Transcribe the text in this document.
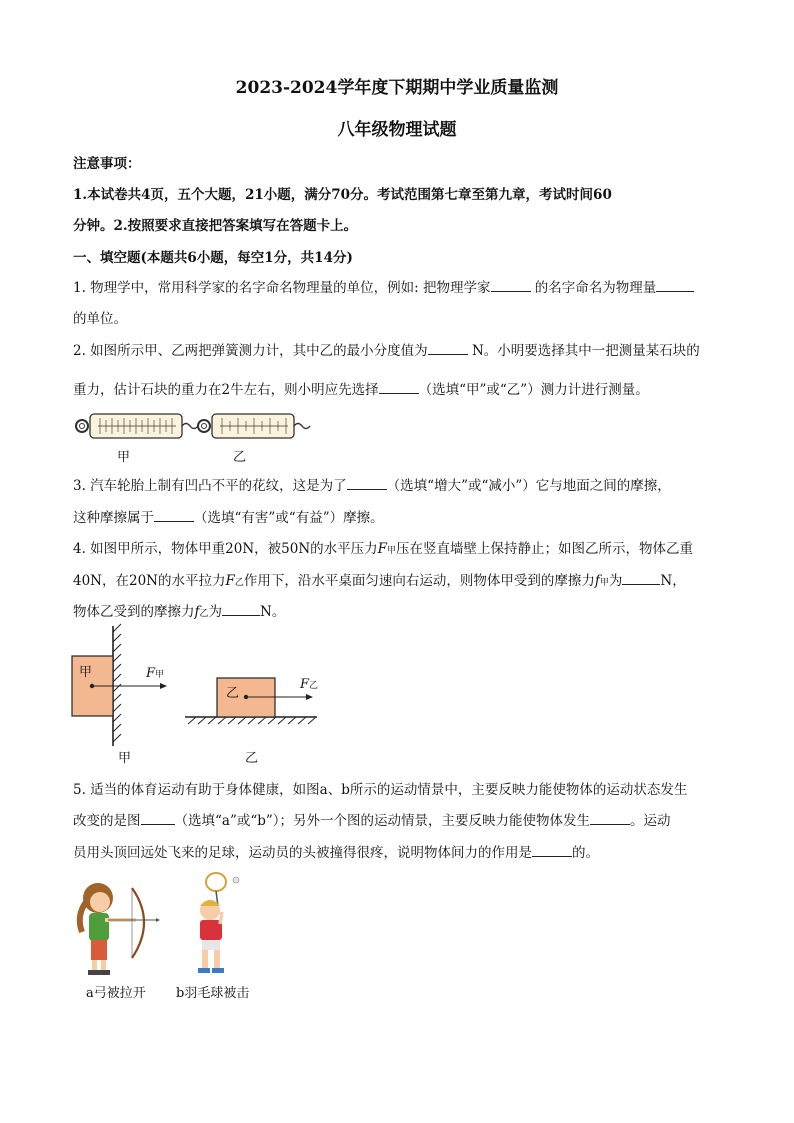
2023-2024学年度下期期中学业质量监测
八年级物理试题
注意事项：
1.本试卷共4页，五个大题，21小题，满分70分。考试范围第七章至第九章，考试时间60
分钟。2.按照要求直接把答案填写在答题卡上。
一、填空题(本题共6小题，每空1分，共14分)
1. 物理学中，常用科学家的名字命名物理量的单位，例如: 把物理学家	的名字命名为物理量
的单位。
2. 如图所示甲、乙两把弹簧测力计，其中乙的最小分度值为	N。小明要选择其中一把测量某石块的
重力，估计石块的重力在2牛左右，则小明应先选择	（选填“甲”或“乙”）测力计进行测量。
甲	乙
3. 汽车轮胎上制有凹凸不平的花纹，这是为了	（选填“增大”或“减小”）它与地面之间的摩擦，
这种摩擦属于	（选填“有害”或“有益”）摩擦。
4. 如图甲所示，物体甲重20N，被50N的水平压力F甲压在竖直墙壁上保持静止；如图乙所示，物体乙重
40N，在20N的水平拉力F乙作用下，沿水平桌面匀速向右运动，则物体甲受到的摩擦力f甲为	N，
物体乙受到的摩擦力f乙为	N。
甲
乙
F甲
F乙
甲	乙
5. 适当的体育运动有助于身体健康，如图a、b所示的运动情景中，主要反映力能使物体的运动状态发生
改变的是图	（选填“a”或“b”）；另外一个图的运动情景，主要反映力能使物体发生	。运动
员用头顶回远处飞来的足球，运动员的头被撞得很疼，说明物体间力的作用是	的。
a弓被拉开 b羽毛球被击
